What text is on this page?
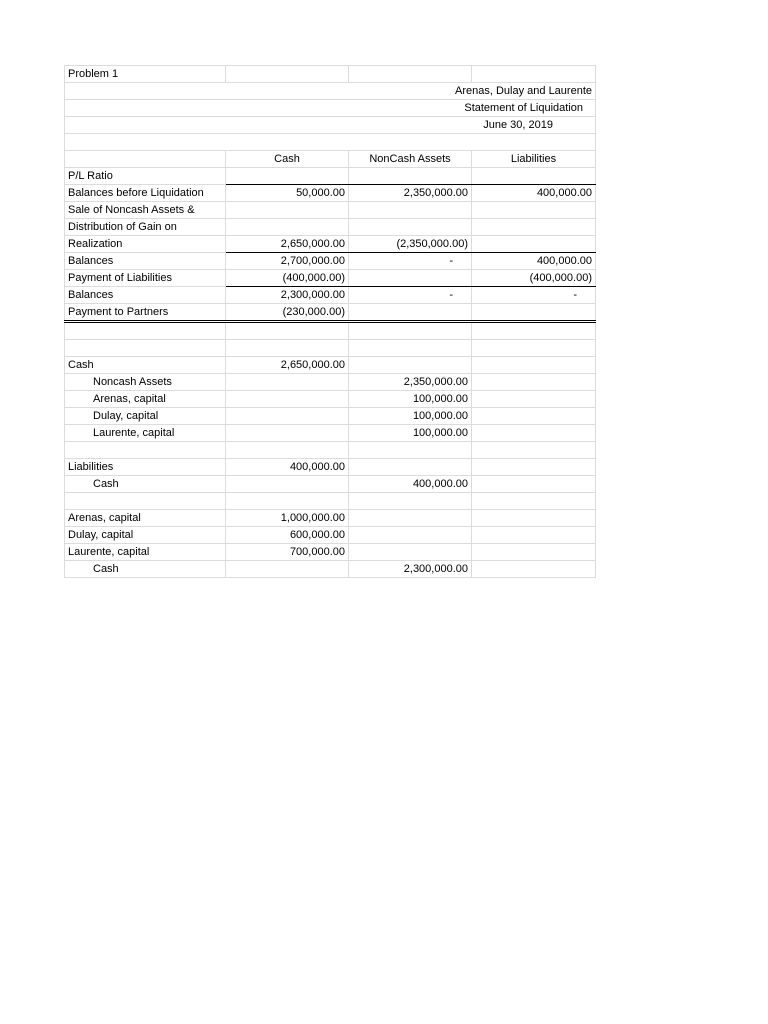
Problem 1			
Arenas, Dulay and Laurente			
Statement of Liquidation			
June 30, 2019			

	Cash	NonCash Assets	Liabilities
P/L Ratio			
Balances before Liquidation	50,000.00	2,350,000.00	400,000.00
Sale of Noncash Assets &			
Distribution of Gain on			
Realization	2,650,000.00	(2,350,000.00)	
Balances	2,700,000.00	-	400,000.00
Payment of Liabilities	(400,000.00)		(400,000.00)
Balances	2,300,000.00	-	-
Payment to Partners	(230,000.00)		

Cash	2,650,000.00		
Noncash Assets		2,350,000.00	
Arenas, capital		100,000.00	
Dulay, capital		100,000.00	
Laurente, capital		100,000.00	

Liabilities	400,000.00		
Cash		400,000.00	

Arenas, capital	1,000,000.00		
Dulay, capital	600,000.00		
Laurente, capital	700,000.00		
Cash		2,300,000.00	
